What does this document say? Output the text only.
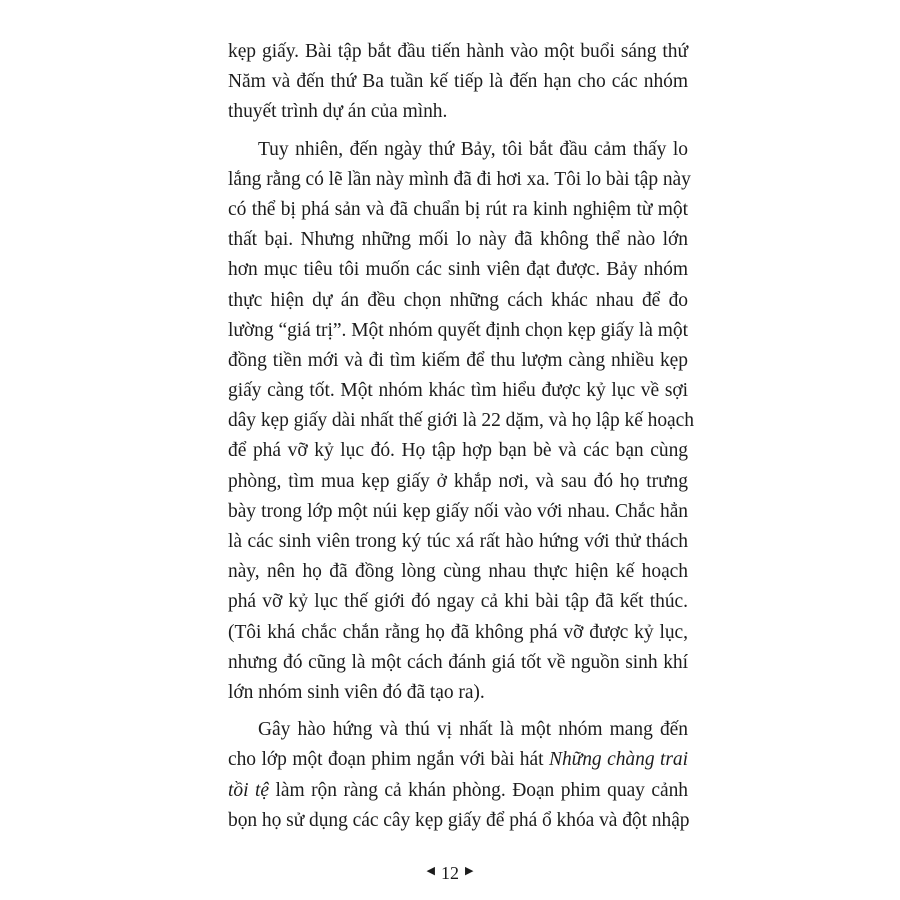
kẹp giấy. Bài tập bắt đầu tiến hành vào một buổi sáng thứ
Năm và đến thứ Ba tuần kế tiếp là đến hạn cho các nhóm
thuyết trình dự án của mình.
Tuy nhiên, đến ngày thứ Bảy, tôi bắt đầu cảm thấy lo
lắng rằng có lẽ lần này mình đã đi hơi xa. Tôi lo bài tập này
có thể bị phá sản và đã chuẩn bị rút ra kinh nghiệm từ một
thất bại. Nhưng những mối lo này đã không thể nào lớn
hơn mục tiêu tôi muốn các sinh viên đạt được. Bảy nhóm
thực hiện dự án đều chọn những cách khác nhau để đo
lường “giá trị”. Một nhóm quyết định chọn kẹp giấy là một
đồng tiền mới và đi tìm kiếm để thu lượm càng nhiều kẹp
giấy càng tốt. Một nhóm khác tìm hiểu được kỷ lục về sợi
dây kẹp giấy dài nhất thế giới là 22 dặm, và họ lập kế hoạch
để phá vỡ kỷ lục đó. Họ tập hợp bạn bè và các bạn cùng
phòng, tìm mua kẹp giấy ở khắp nơi, và sau đó họ trưng
bày trong lớp một núi kẹp giấy nối vào với nhau. Chắc hẳn
là các sinh viên trong ký túc xá rất hào hứng với thử thách
này, nên họ đã đồng lòng cùng nhau thực hiện kế hoạch
phá vỡ kỷ lục thế giới đó ngay cả khi bài tập đã kết thúc.
(Tôi khá chắc chắn rằng họ đã không phá vỡ được kỷ lục,
nhưng đó cũng là một cách đánh giá tốt về nguồn sinh khí
lớn nhóm sinh viên đó đã tạo ra).
Gây hào hứng và thú vị nhất là một nhóm mang đến
cho lớp một đoạn phim ngắn với bài hát Những chàng trai
tồi tệ làm rộn ràng cả khán phòng. Đoạn phim quay cảnh
bọn họ sử dụng các cây kẹp giấy để phá ổ khóa và đột nhập
◀ 12 ▶
